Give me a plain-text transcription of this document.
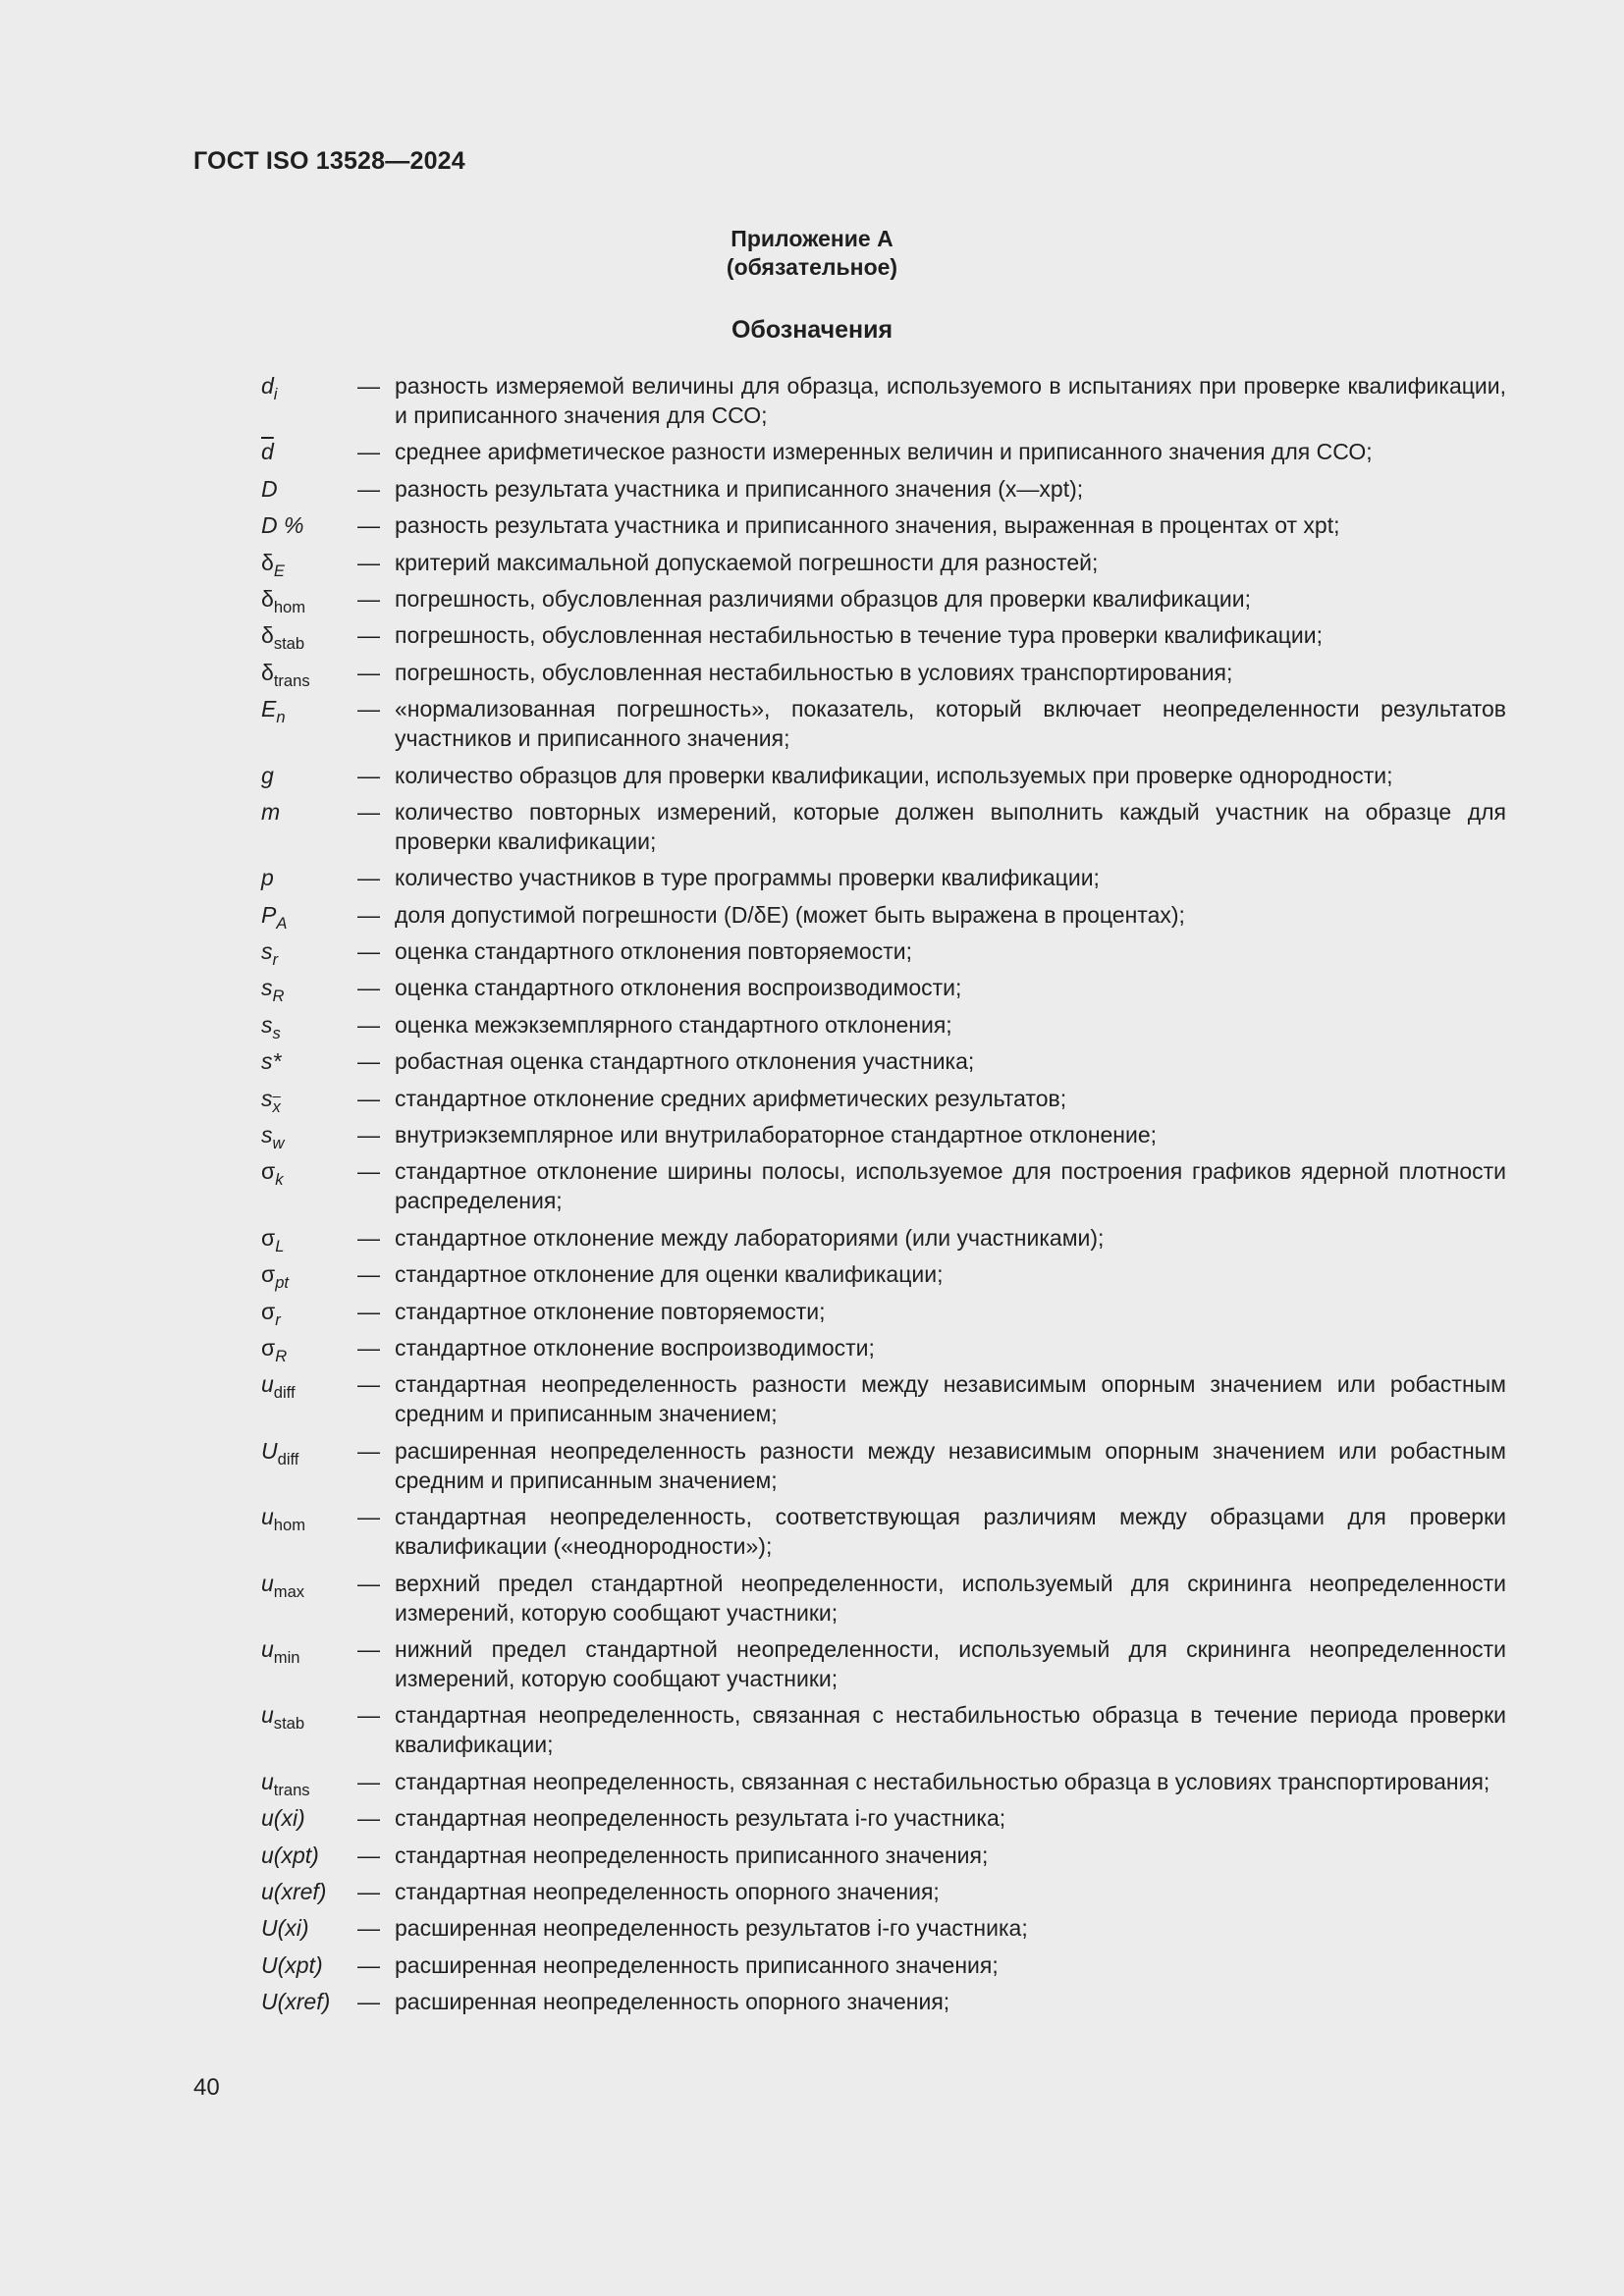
ГОСТ ISO 13528—2024
Приложение А
(обязательное)
Обозначения
$d_i$	— разность измеряемой величины для образца, используемого в испытаниях при проверке квалификации, и приписанного значения для ССО;
$\overline{d}$	— среднее арифметическое разности измеренных величин и приписанного значения для ССО;
D	— разность результата участника и приписанного значения (x—xpt);
D %	— разность результата участника и приписанного значения, выраженная в процентах от xpt;
$\delta_E$	— критерий максимальной допускаемой погрешности для разностей;
$\delta_{hom}$	— погрешность, обусловленная различиями образцов для проверки квалификации;
$\delta_{stab}$	— погрешность, обусловленная нестабильностью в течение тура проверки квалификации;
$\delta_{trans}$	— погрешность, обусловленная нестабильностью в условиях транспортирования;
$E_n$	— «нормализованная погрешность», показатель, который включает неопределенности результатов участников и приписанного значения;
g	— количество образцов для проверки квалификации, используемых при проверке однородности;
m	— количество повторных измерений, которые должен выполнить каждый участник на образце для проверки квалификации;
p	— количество участников в туре программы проверки квалификации;
$P_A$	— доля допустимой погрешности (D/δE) (может быть выражена в процентах);
$s_r$	— оценка стандартного отклонения повторяемости;
$s_R$	— оценка стандартного отклонения воспроизводимости;
$s_s$	— оценка межэкземплярного стандартного отклонения;
s*	— робастная оценка стандартного отклонения участника;
$s_{\overline{x}}$	— стандартное отклонение средних арифметических результатов;
$s_w$	— внутриэкземплярное или внутрилабораторное стандартное отклонение;
$\sigma_k$	— стандартное отклонение ширины полосы, используемое для построения графиков ядерной плотности распределения;
$\sigma_L$	— стандартное отклонение между лабораториями (или участниками);
$\sigma_{pt}$	— стандартное отклонение для оценки квалификации;
$\sigma_r$	— стандартное отклонение повторяемости;
$\sigma_R$	— стандартное отклонение воспроизводимости;
$u_{diff}$	— стандартная неопределенность разности между независимым опорным значением или робастным средним и приписанным значением;
$U_{diff}$	— расширенная неопределенность разности между независимым опорным значением или робастным средним и приписанным значением;
$u_{hom}$	— стандартная неопределенность, соответствующая различиям между образцами для проверки квалификации («неоднородности»);
$u_{max}$	— верхний предел стандартной неопределенности, используемый для скрининга неопределенности измерений, которую сообщают участники;
$u_{min}$	— нижний предел стандартной неопределенности, используемый для скрининга неопределенности измерений, которую сообщают участники;
$u_{stab}$	— стандартная неопределенность, связанная с нестабильностью образца в течение периода проверки квалификации;
$u_{trans}$	— стандартная неопределенность, связанная с нестабильностью образца в условиях транспортирования;
u(xi)	— стандартная неопределенность результата i-го участника;
u(xpt)	— стандартная неопределенность приписанного значения;
u(xref)	— стандартная неопределенность опорного значения;
U(xi)	— расширенная неопределенность результатов i-го участника;
U(xpt)	— расширенная неопределенность приписанного значения;
U(xref)	— расширенная неопределенность опорного значения;
40
